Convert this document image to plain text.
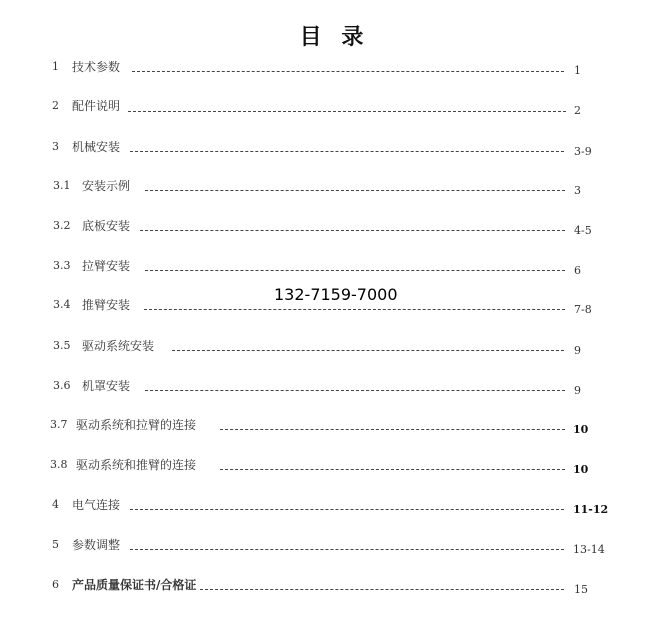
目 录
1 技术参数	1
2 配件说明	2
3 机械安装	3-9
3.1 安装示例	3
3.2 底板安装	4-5
3.3 拉臂安装	6
3.4 推臂安装	7-8
3.5 驱动系统安装	9
3.6 机罩安装	9
3.7 驱动系统和拉臂的连接	10
3.8 驱动系统和推臂的连接	10
4 电气连接	11-12
5 参数调整	13-14
6 产品质量保证书/合格证	15
132-7159-7000
